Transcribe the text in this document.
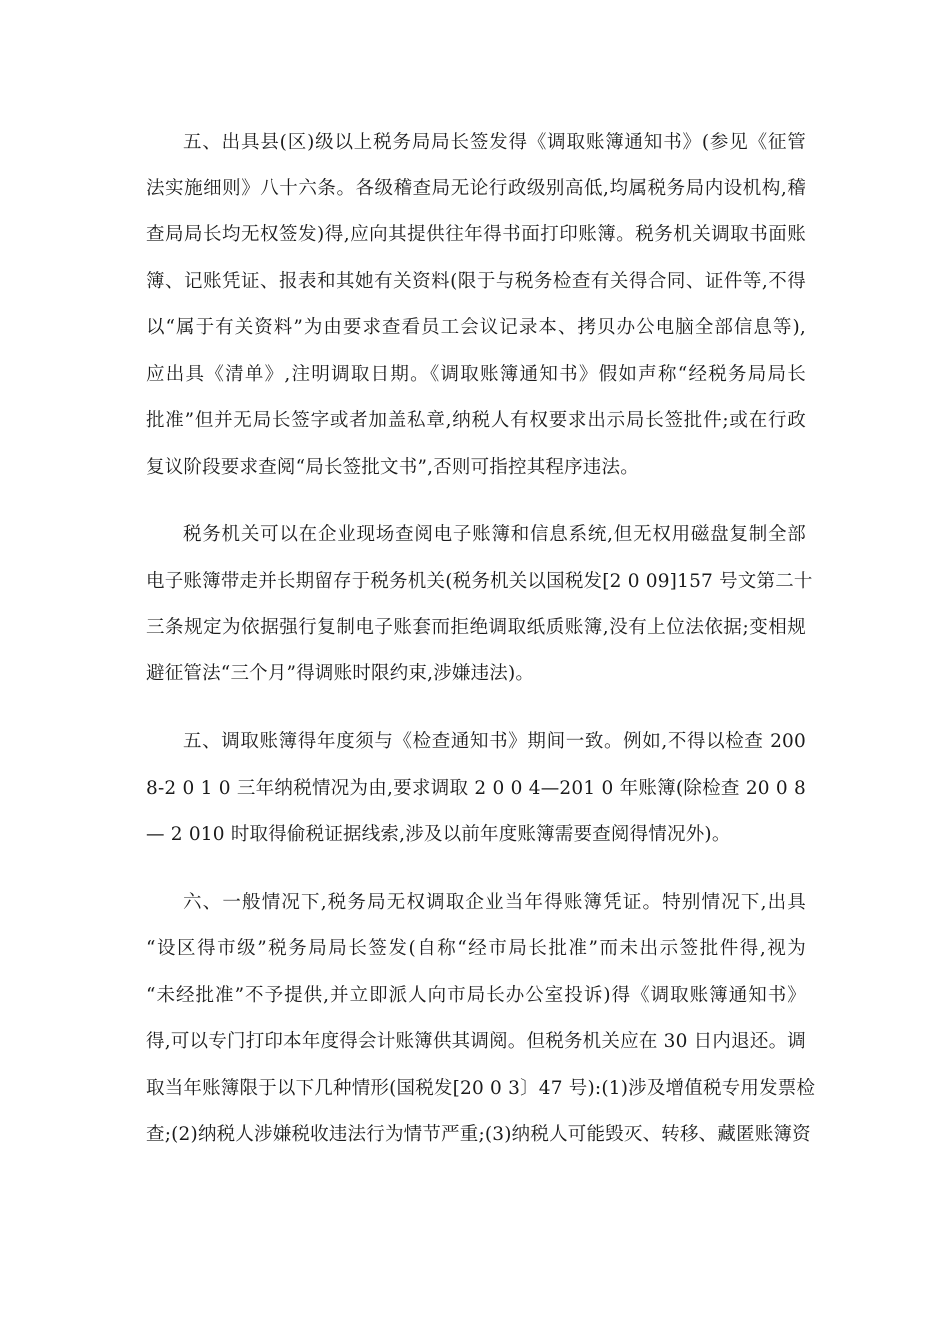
五、出具县(区)级以上税务局局长签发得《调取账簿通知书》(参见《征管
法实施细则》八十六条。各级稽查局无论行政级别高低,均属税务局内设机构,稽
查局局长均无权签发)得,应向其提供往年得书面打印账簿。税务机关调取书面账
簿、记账凭证、报表和其她有关资料(限于与税务检查有关得合同、证件等,不得
以“属于有关资料”为由要求查看员工会议记录本、拷贝办公电脑全部信息等),
应出具《清单》,注明调取日期。《调取账簿通知书》假如声称“经税务局局长
批准”但并无局长签字或者加盖私章,纳税人有权要求出示局长签批件;或在行政
复议阶段要求查阅“局长签批文书”,否则可指控其程序违法。
税务机关可以在企业现场查阅电子账簿和信息系统,但无权用磁盘复制全部
电子账簿带走并长期留存于税务机关(税务机关以国税发[2 0 09]157 号文第二十
三条规定为依据强行复制电子账套而拒绝调取纸质账簿,没有上位法依据;变相规
避征管法“三个月”得调账时限约束,涉嫌违法)。
五、调取账簿得年度须与《检查通知书》期间一致。例如,不得以检查 200
8-2 0 1 0 三年纳税情况为由,要求调取 2 0 0 4—201 0 年账簿(除检查 20 0 8
— 2 010 时取得偷税证据线索,涉及以前年度账簿需要查阅得情况外)。
六、一般情况下,税务局无权调取企业当年得账簿凭证。特别情况下,出具
“设区得市级”税务局局长签发(自称“经市局长批准”而未出示签批件得,视为
“未经批准”不予提供,并立即派人向市局长办公室投诉)得《调取账簿通知书》
得,可以专门打印本年度得会计账簿供其调阅。但税务机关应在 30 日内退还。调
取当年账簿限于以下几种情形(国税发[20 0 3〕47 号):(1)涉及增值税专用发票检
查;(2)纳税人涉嫌税收违法行为情节严重;(3)纳税人可能毁灭、转移、藏匿账簿资
